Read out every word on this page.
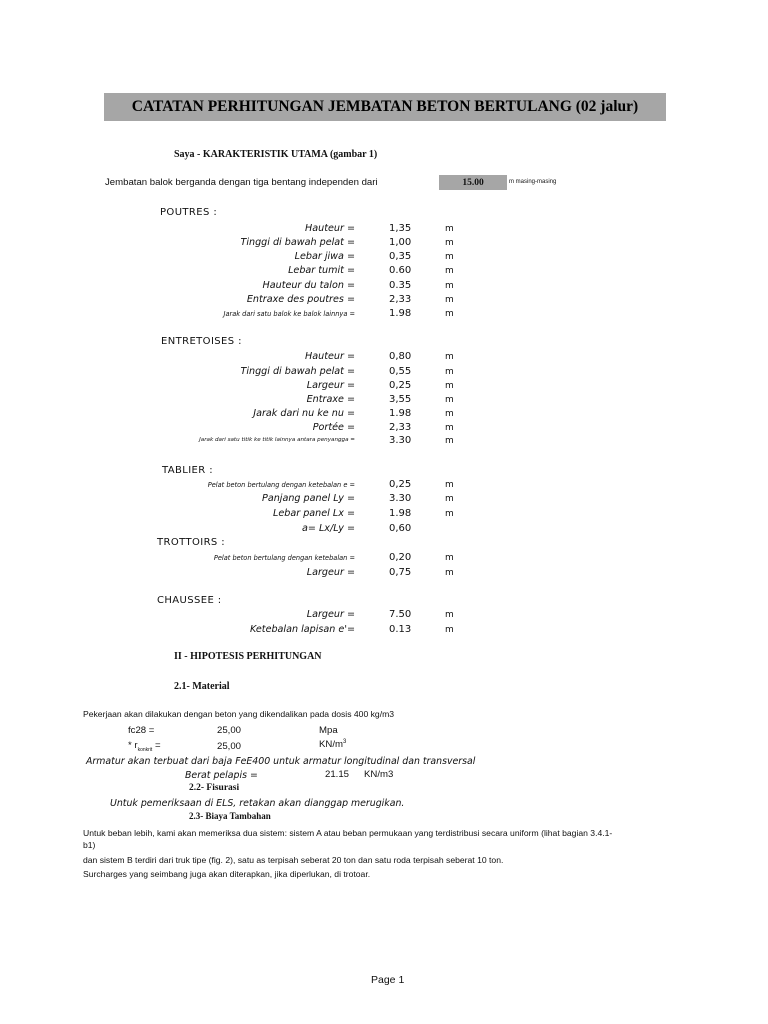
CATATAN PERHITUNGAN JEMBATAN BETON BERTULANG (02 jalur)
Saya - KARAKTERISTIK UTAMA (gambar 1)
Jembatan balok berganda dengan tiga bentang independen dari	15.00	m masing-masing
POUTRES :
Hauteur =	1,35	m
Tinggi di bawah pelat =	1,00	m
Lebar jiwa =	0,35	m
Lebar tumit =	0.60	m
Hauteur du talon =	0.35	m
Entraxe des poutres =	2,33	m
Jarak dari satu balok ke balok lainnya =	1.98	m
ENTRETOISES :
Hauteur =	0,80	m
Tinggi di bawah pelat =	0,55	m
Largeur =	0,25	m
Entraxe =	3,55	m
Jarak dari nu ke nu =	1.98	m
Portée =	2,33	m
Jarak dari satu titik ke titik lainnya antara penyangga =	3.30	m
TABLIER :
Pelat beton bertulang dengan ketebalan e =	0,25	m
Panjang panel Ly =	3.30	m
Lebar panel Lx =	1.98	m
a= Lx/Ly =	0,60
TROTTOIRS :
Pelat beton bertulang dengan ketebalan =	0,20	m
Largeur =	0,75	m
CHAUSSEE :
Largeur =	7.50	m
Ketebalan lapisan e'=	0.13	m
II - HIPOTESIS PERHITUNGAN
2.1- Material
Pekerjaan akan dilakukan dengan beton yang dikendalikan pada dosis 400 kg/m3
fc28 =	25,00	Mpa
* $r_{konkrit}$ =	25,00	$KN/m^3$
Armatur akan terbuat dari baja FeE400 untuk armatur longitudinal dan transversal
Berat pelapis =	21.15 KN/m3
2.2- Fisurasi
Untuk pemeriksaan di ELS, retakan akan dianggap merugikan.
2.3- Biaya Tambahan
Untuk beban lebih, kami akan memeriksa dua sistem: sistem A atau beban permukaan yang terdistribusi secara uniform (lihat bagian 3.4.1-
b1)
dan sistem B terdiri dari truk tipe (fig. 2), satu as terpisah seberat 20 ton dan satu roda terpisah seberat 10 ton.
Surcharges yang seimbang juga akan diterapkan, jika diperlukan, di trotoar.
Page 1
